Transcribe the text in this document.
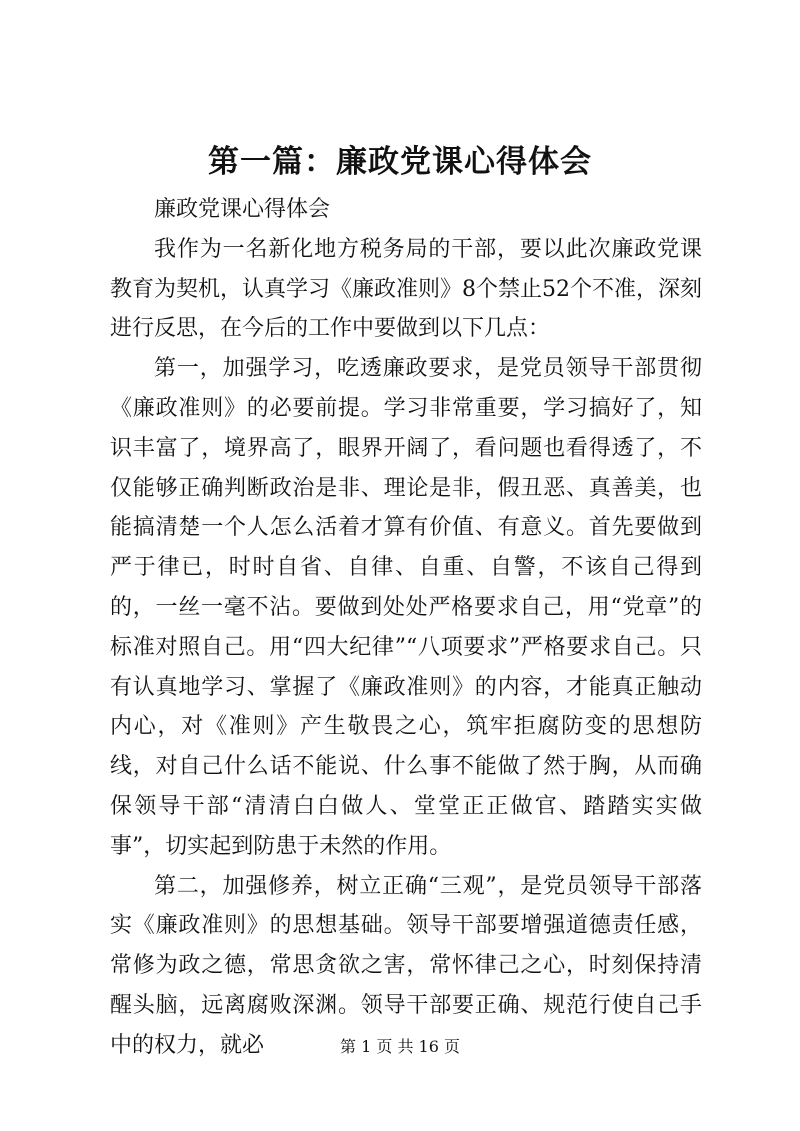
第一篇：廉政党课心得体会

廉政党课心得体会

我作为一名新化地方税务局的干部，要以此次廉政党课教育为契机，认真学习《廉政准则》8个禁止52个不准，深刻进行反思，在今后的工作中要做到以下几点：

第一，加强学习，吃透廉政要求，是党员领导干部贯彻《廉政准则》的必要前提。学习非常重要，学习搞好了，知识丰富了，境界高了，眼界开阔了，看问题也看得透了，不仅能够正确判断政治是非、理论是非，假丑恶、真善美，也能搞清楚一个人怎么活着才算有价值、有意义。首先要做到严于律已，时时自省、自律、自重、自警，不该自己得到的，一丝一毫不沾。要做到处处严格要求自己，用“党章”的标准对照自己。用“四大纪律”“八项要求”严格要求自己。只有认真地学习、掌握了《廉政准则》的内容，才能真正触动内心，对《准则》产生敬畏之心，筑牢拒腐防变的思想防线，对自己什么话不能说、什么事不能做了然于胸，从而确保领导干部“清清白白做人、堂堂正正做官、踏踏实实做事”，切实起到防患于未然的作用。

第二，加强修养，树立正确“三观”，是党员领导干部落实《廉政准则》的思想基础。领导干部要增强道德责任感，常修为政之德，常思贪欲之害，常怀律己之心，时刻保持清醒头脑，远离腐败深渊。领导干部要正确、规范行使自己手中的权力，就必	第 1 页 共 16 页
